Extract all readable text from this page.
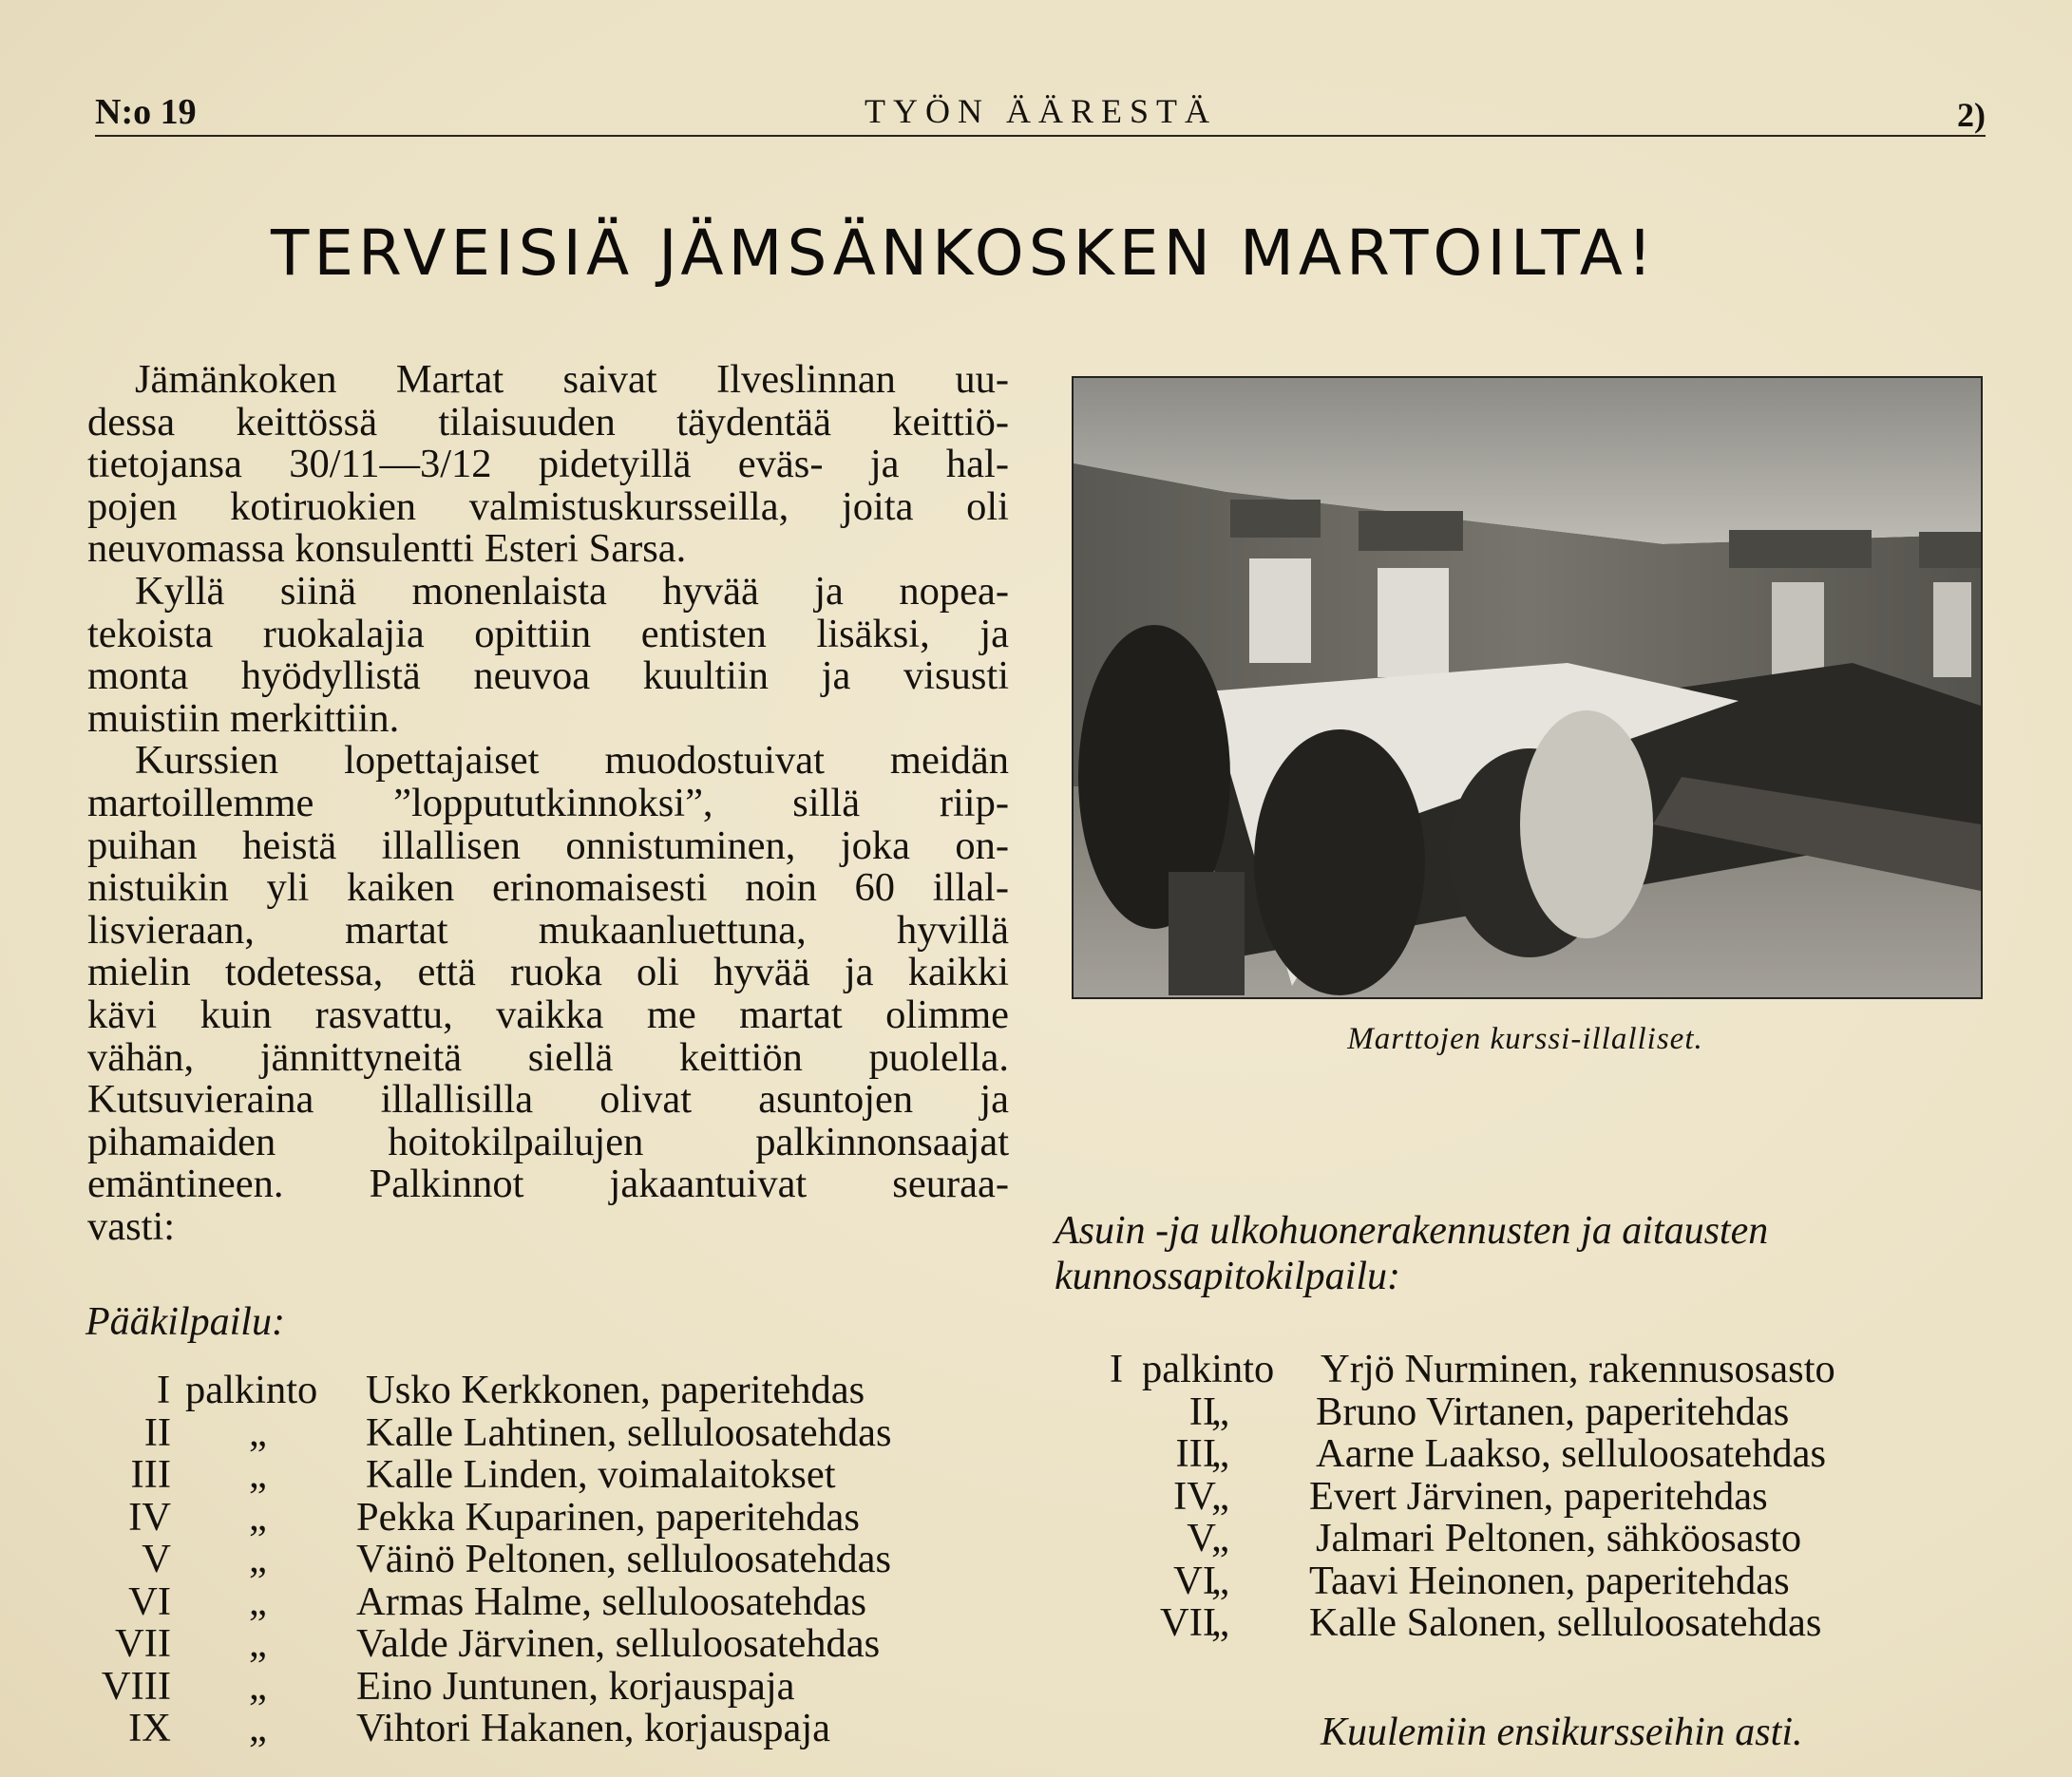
N:o 19	TYÖN ÄÄRESTÄ	2)
TERVEISIÄ JÄMSÄNKOSKEN MARTOILTA!

Jämänkoken Martat saivat Ilveslinnan uu-

dessa keittössä tilaisuuden täydentää keittiö-

tietojansa 30/11—3/12 pidetyillä eväs- ja hal-

pojen kotiruokien valmistuskursseilla, joita oli

neuvomassa konsulentti Esteri Sarsa.

Kyllä siinä monenlaista hyvää ja nopea-

tekoista ruokalajia opittiin entisten lisäksi, ja

monta hyödyllistä neuvoa kuultiin ja visusti

muistiin merkittiin.

Kurssien lopettajaiset muodostuivat meidän

martoillemme ”loppututkinnoksi”, sillä riip-

puihan heistä illallisen onnistuminen, joka on-

nistuikin yli kaiken erinomaisesti noin 60 illal-

lisvieraan, martat mukaanluettuna, hyvillä

mielin todetessa, että ruoka oli hyvää ja kaikki

kävi kuin rasvattu, vaikka me martat olimme

vähän, jännittyneitä siellä keittiön puolella.

Kutsuvieraina illallisilla olivat asuntojen ja

pihamaiden hoitokilpailujen palkinnonsaajat

emäntineen. Palkinnot jakaantuivat seuraa-

vasti:

Pääkilpailu:
I palkinto Usko Kerkkonen, paperitehdas
II „ Kalle Lahtinen, selluloosatehdas
III „ Kalle Linden, voimalaitokset
IV „ Pekka Kuparinen, paperitehdas
V „ Väinö Peltonen, selluloosatehdas
VI „ Armas Halme, selluloosatehdas
VII „ Valde Järvinen, selluloosatehdas
VIII „ Eino Juntunen, korjauspaja
IX „ Vihtori Hakanen, korjauspaja
Marttojen kurssi-illalliset.
Asuin -ja ulkohuonerakennusten ja aitausten
kunnossapitokilpailu:
I palkinto Yrjö Nurminen, rakennusosasto
II
„ Bruno Virtanen, paperitehdas
III
„ Aarne Laakso, selluloosatehdas
IV
„ Evert Järvinen, paperitehdas
V
„ Jalmari Peltonen, sähköosasto
VI
„ Taavi Heinonen, paperitehdas
VII
„ Kalle Salonen, selluloosatehdas
Kuulemiin ensikursseihin asti.
